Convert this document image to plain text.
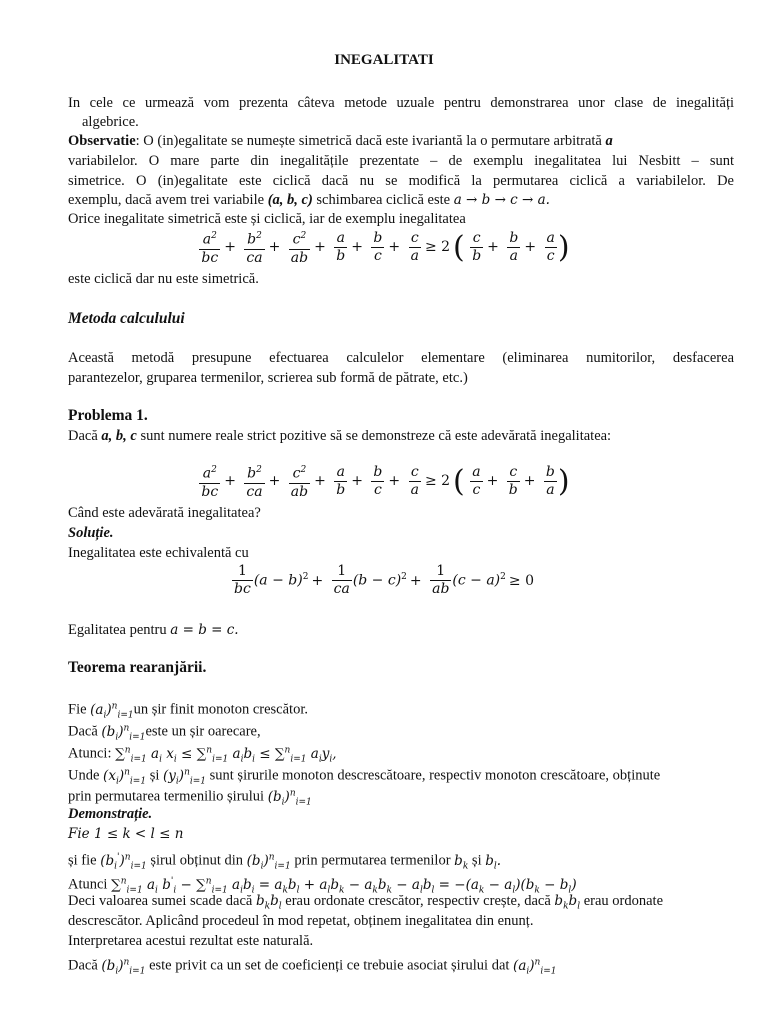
INEGALITATI
In cele ce urmează vom prezenta câteva metode uzuale pentru demonstrarea unor clase de inegalități
algebrice.
Observatie: O (in)egalitate se numește simetrică dacă este ivariantă la o permutare arbitrată a
variabilelor. O mare parte din inegalitățile prezentate – de exemplu inegalitatea lui Nesbitt – sunt
simetrice. O (in)egalitate este ciclică dacă nu se modifică la permutarea ciclică a variabilelor. De
exemplu, dacă avem trei variabile (a, b, c) schimbarea ciclică este a → b → c → a.
Orice inegalitate simetrică este și ciclică, iar de exemplu inegalitatea
$\frac{a^2}{bc} + \frac{b^2}{ca} + \frac{c^2}{ab} + \frac{a}{b} + \frac{b}{c} + \frac{c}{a} \ge 2$ ( $\frac{c}{b} + \frac{b}{a} + \frac{a}{c}$ )
este ciclică dar nu este simetrică.
Metoda calculului
Această metodă presupune efectuarea calculelor elementare (eliminarea numitorilor, desfacerea
parantezelor, gruparea termenilor, scrierea sub formă de pătrate, etc.)
Problema 1.
Dacă a, b, c sunt numere reale strict pozitive să se demonstreze că este adevărată inegalitatea:
$\frac{a^2}{bc} + \frac{b^2}{ca} + \frac{c^2}{ab} + \frac{a}{b} + \frac{b}{c} + \frac{c}{a} \ge 2$ ( $\frac{a}{c} + \frac{c}{b} + \frac{b}{a}$ )
Când este adevărată inegalitatea?
Soluție.
Inegalitatea este echivalentă cu
$\frac{1}{bc} (a - b)^2 + \frac{1}{ca} (b - c)^2 + \frac{1}{ab} (c - a)^2 \ge 0$
Egalitatea pentru a = b = c.
Teorema rearanjării.
Fie $(a_i)^n_{i=1}un$ șir finit monoton crescător.
Dacă $(b_i)^n_{i=1}este$ un șir oarecare,
Atunci: ∑$^n_{i=1}$ $a_i$ $x_i \le \sum^n_{i=1}$ $a_ib_i \le \sum^n_{i=1}$ $a_iy_i$,
Unde $(x_i)^n_{i=1}$ și $(y_i)^n_{i=1}$ sunt șirurile monoton descrescătoare, respectiv monoton crescătoare, obținute
prin permutarea termenilio șirului $(b_i)^n_{i=1}$
Demonstrație.
Fie 1 ≤ k < l ≤ n
și fie $(b_i')^n_{i=1}$ șirul obținut din $(b_i)^n_{i=1}$ prin permutarea termenilor $b_k$ și $b_l$.
Atunci ∑$^n_{i=1}$ $a_i$ $b'_i - \sum^n_{i=1}$ $a_ib_i = a_kb_l + a_lb_k - a_kb_k - a_lb_l = -(a_k - a_l)(b_k - b_l)$
Deci valoarea sumei scade dacă $b_kb_l$ erau ordonate crescător, respectiv crește, dacă $b_kb_l$ erau ordonate
descrescător. Aplicând procedeul în mod repetat, obținem inegalitatea din enunț.
Interpretarea acestui rezultat este naturală.
Dacă $(b_i)^n_{i=1}$ este privit ca un set de coeficienți ce trebuie asociat șirului dat $(a_i)^n_{i=1}$
